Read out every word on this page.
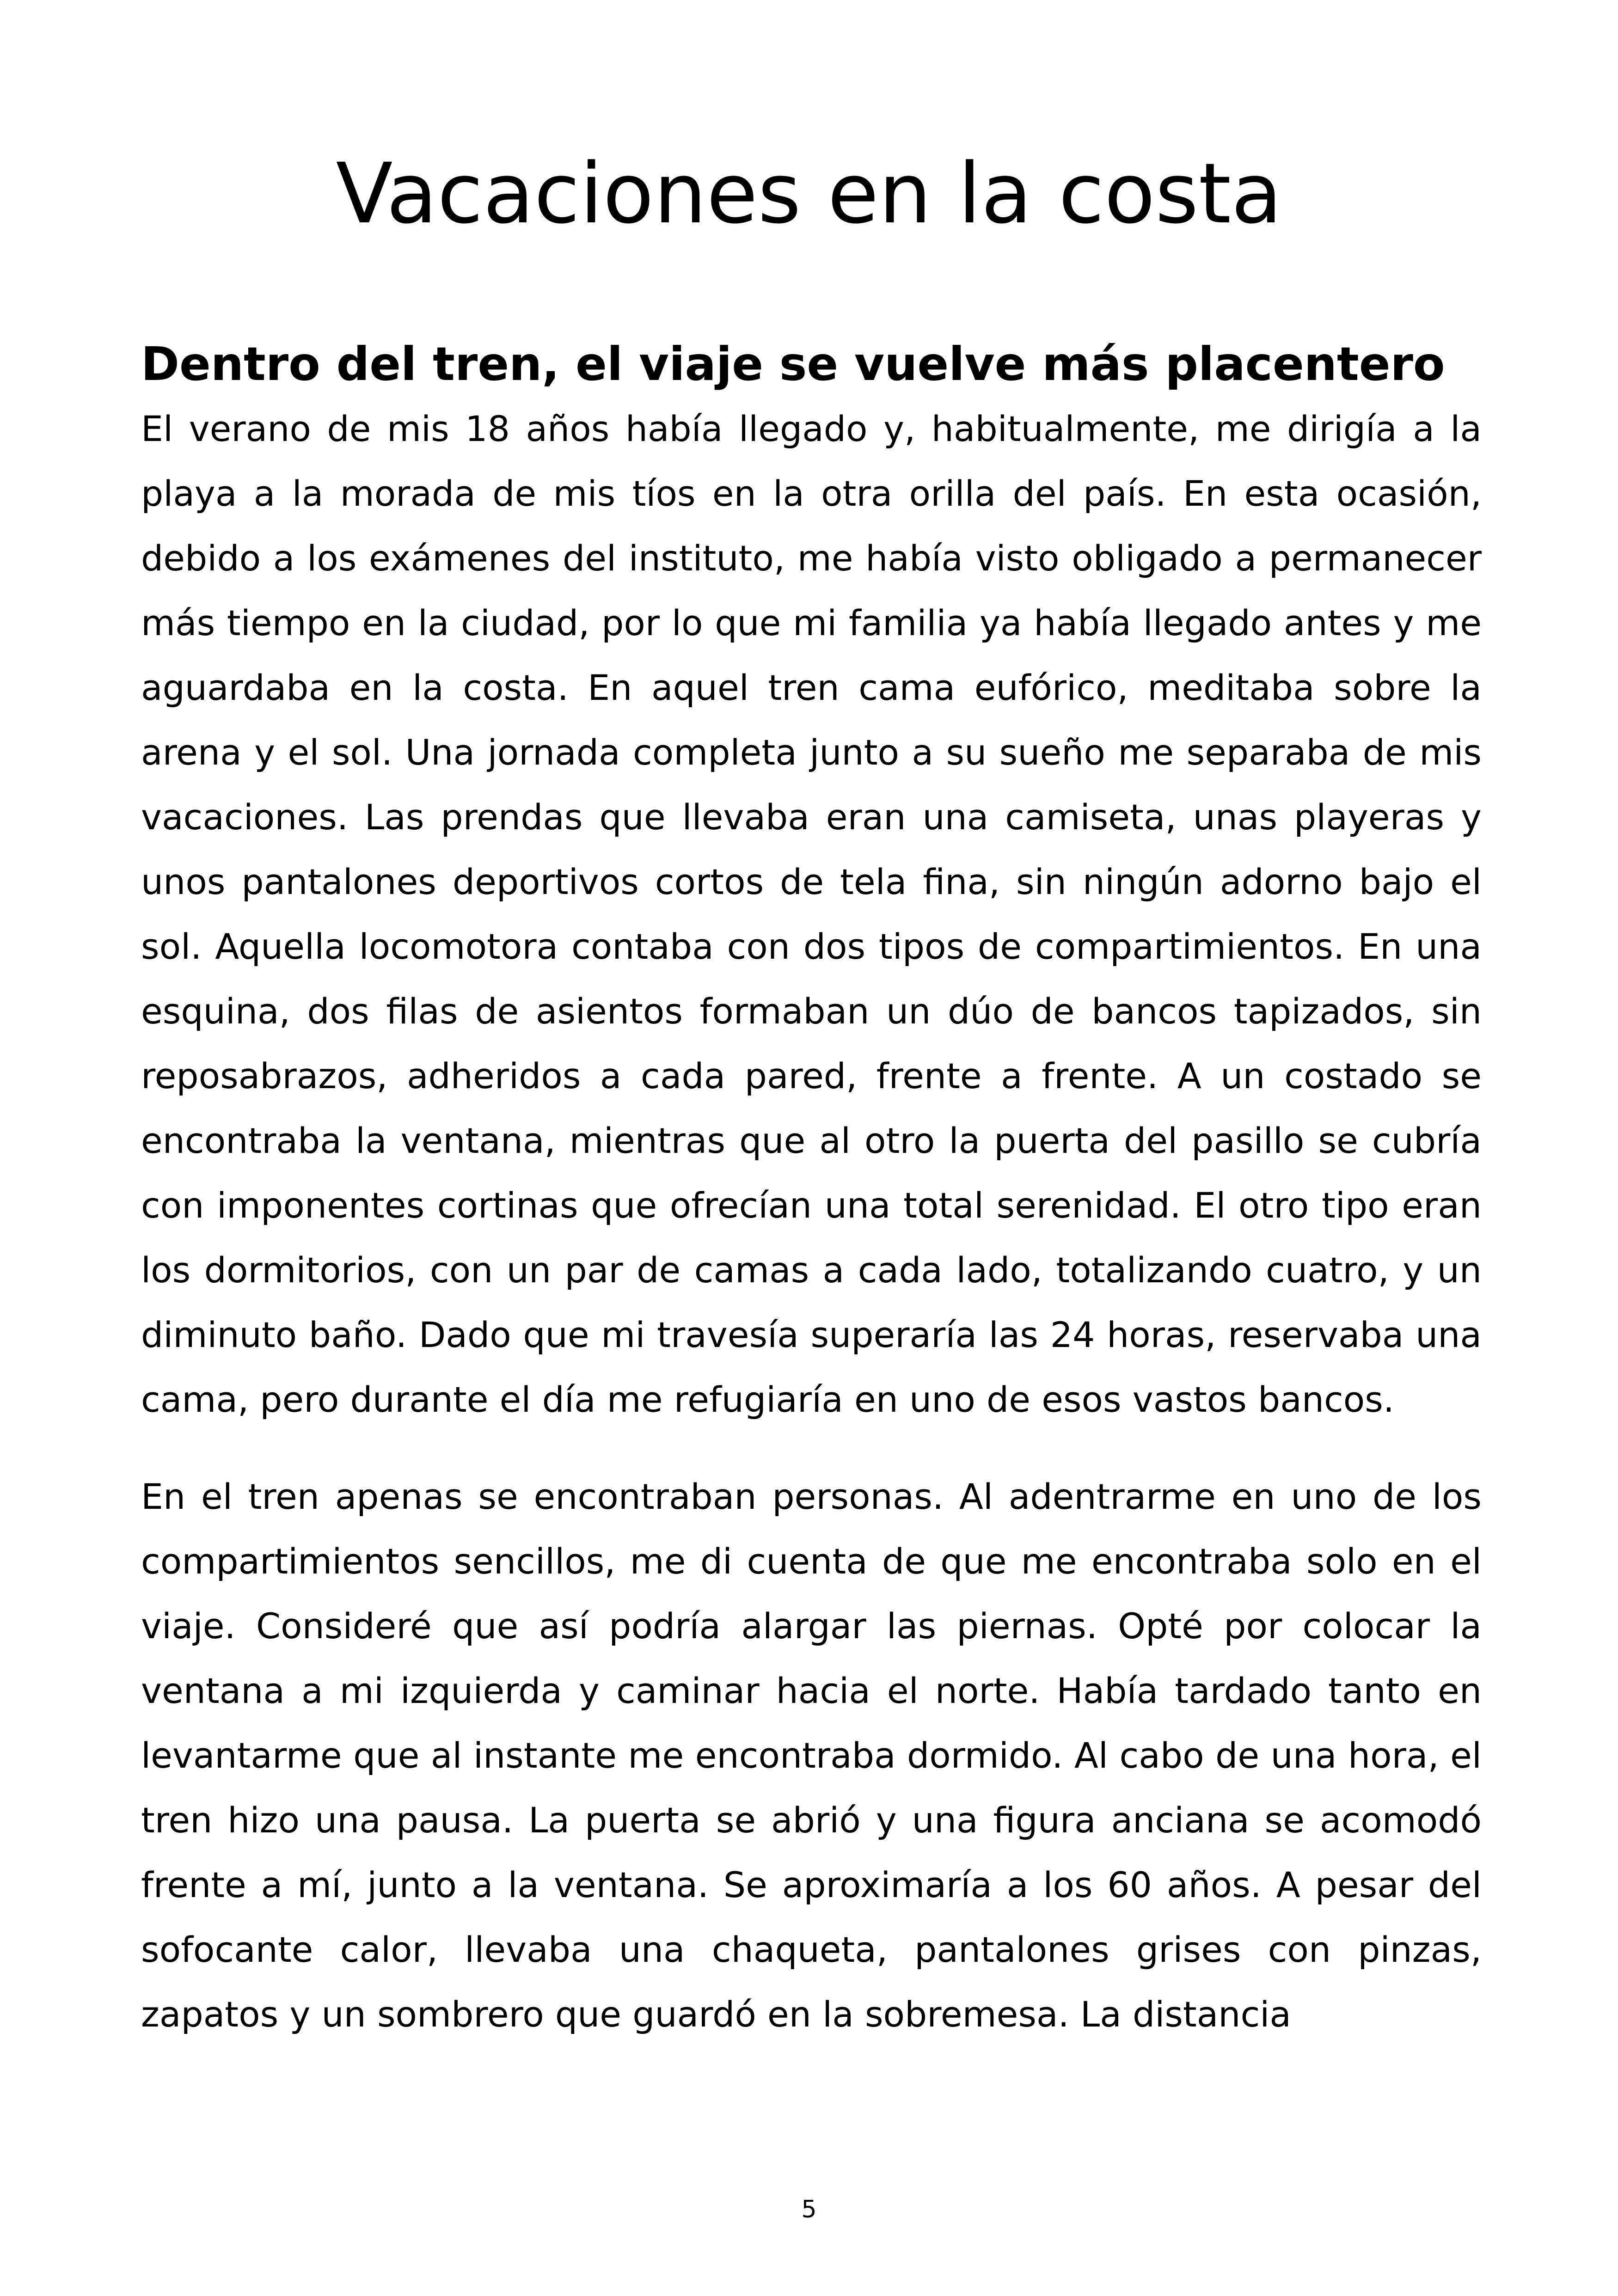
Vacaciones en la costa
Dentro del tren, el viaje se vuelve más placentero

El verano de mis 18 años había llegado y, habitualmente, me dirigía a la playa a la morada de mis tíos en la otra orilla del país. En esta ocasión, debido a los exámenes del instituto, me había visto obligado a permanecer más tiempo en la ciudad, por lo que mi familia ya había llegado antes y me aguardaba en la costa. En aquel tren cama eufórico, meditaba sobre la arena y el sol. Una jornada completa junto a su sueño me separaba de mis vacaciones. Las prendas que llevaba eran una camiseta, unas playeras y unos pantalones deportivos cortos de tela fina, sin ningún adorno bajo el sol. Aquella locomotora contaba con dos tipos de compartimientos. En una esquina, dos filas de asientos formaban un dúo de bancos tapizados, sin reposabrazos, adheridos a cada pared, frente a frente. A un costado se encontraba la ventana, mientras que al otro la puerta del pasillo se cubría con imponentes cortinas que ofrecían una total serenidad. El otro tipo eran los dormitorios, con un par de camas a cada lado, totalizando cuatro, y un diminuto baño. Dado que mi travesía superaría las 24 horas, reservaba una cama, pero durante el día me refugiaría en uno de esos vastos bancos.

En el tren apenas se encontraban personas. Al adentrarme en uno de los compartimientos sencillos, me di cuenta de que me encontraba solo en el viaje. Consideré que así podría alargar las piernas. Opté por colocar la ventana a mi izquierda y caminar hacia el norte. Había tardado tanto en levantarme que al instante me encontraba dormido. Al cabo de una hora, el tren hizo una pausa. La puerta se abrió y una figura anciana se acomodó frente a mí, junto a la ventana. Se aproximaría a los 60 años. A pesar del sofocante calor, llevaba una chaqueta, pantalones grises con pinzas, zapatos y un sombrero que guardó en la sobremesa. La distancia

5
